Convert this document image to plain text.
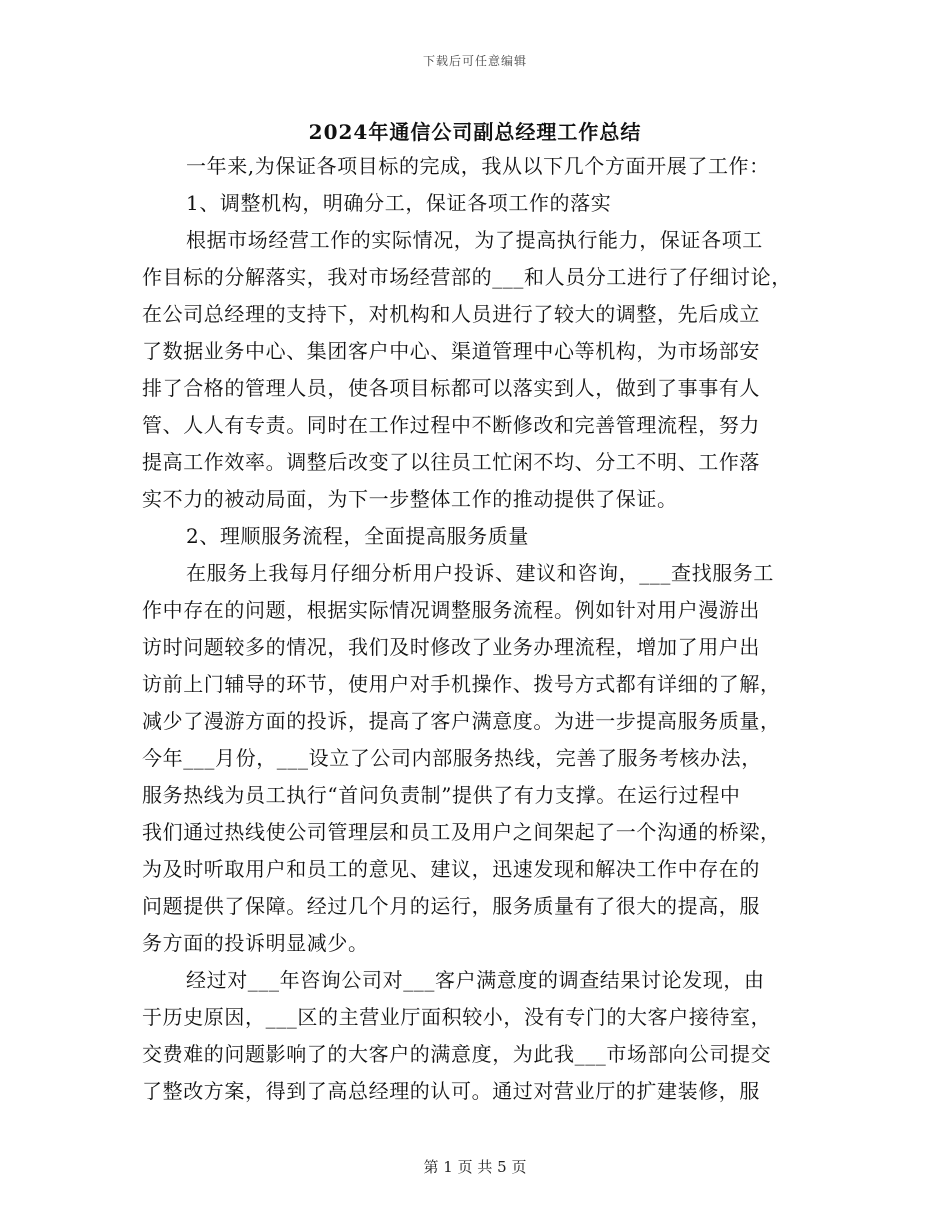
下载后可任意编辑
2024年通信公司副总经理工作总结
一年来,为保证各项目标的完成，我从以下几个方面开展了工作：
1、调整机构，明确分工，保证各项工作的落实
根据市场经营工作的实际情况，为了提高执行能力，保证各项工
作目标的分解落实，我对市场经营部的___和人员分工进行了仔细讨论，
在公司总经理的支持下，对机构和人员进行了较大的调整，先后成立
了数据业务中心、集团客户中心、渠道管理中心等机构，为市场部安
排了合格的管理人员，使各项目标都可以落实到人，做到了事事有人
管、人人有专责。同时在工作过程中不断修改和完善管理流程，努力
提高工作效率。调整后改变了以往员工忙闲不均、分工不明、工作落
实不力的被动局面，为下一步整体工作的推动提供了保证。
2、理顺服务流程，全面提高服务质量
在服务上我每月仔细分析用户投诉、建议和咨询，___查找服务工
作中存在的问题，根据实际情况调整服务流程。例如针对用户漫游出
访时问题较多的情况，我们及时修改了业务办理流程，增加了用户出
访前上门辅导的环节，使用户对手机操作、拨号方式都有详细的了解，
减少了漫游方面的投诉，提高了客户满意度。为进一步提高服务质量，
今年___月份，___设立了公司内部服务热线，完善了服务考核办法，
服务热线为员工执行“首问负责制”提供了有力支撑。在运行过程中
我们通过热线使公司管理层和员工及用户之间架起了一个沟通的桥梁，
为及时听取用户和员工的意见、建议，迅速发现和解决工作中存在的
问题提供了保障。经过几个月的运行，服务质量有了很大的提高，服
务方面的投诉明显减少。
经过对___年咨询公司对___客户满意度的调查结果讨论发现，由
于历史原因，___区的主营业厅面积较小，没有专门的大客户接待室，
交费难的问题影响了的大客户的满意度，为此我___市场部向公司提交
了整改方案，得到了高总经理的认可。通过对营业厅的扩建装修，服
第 1 页 共 5 页
